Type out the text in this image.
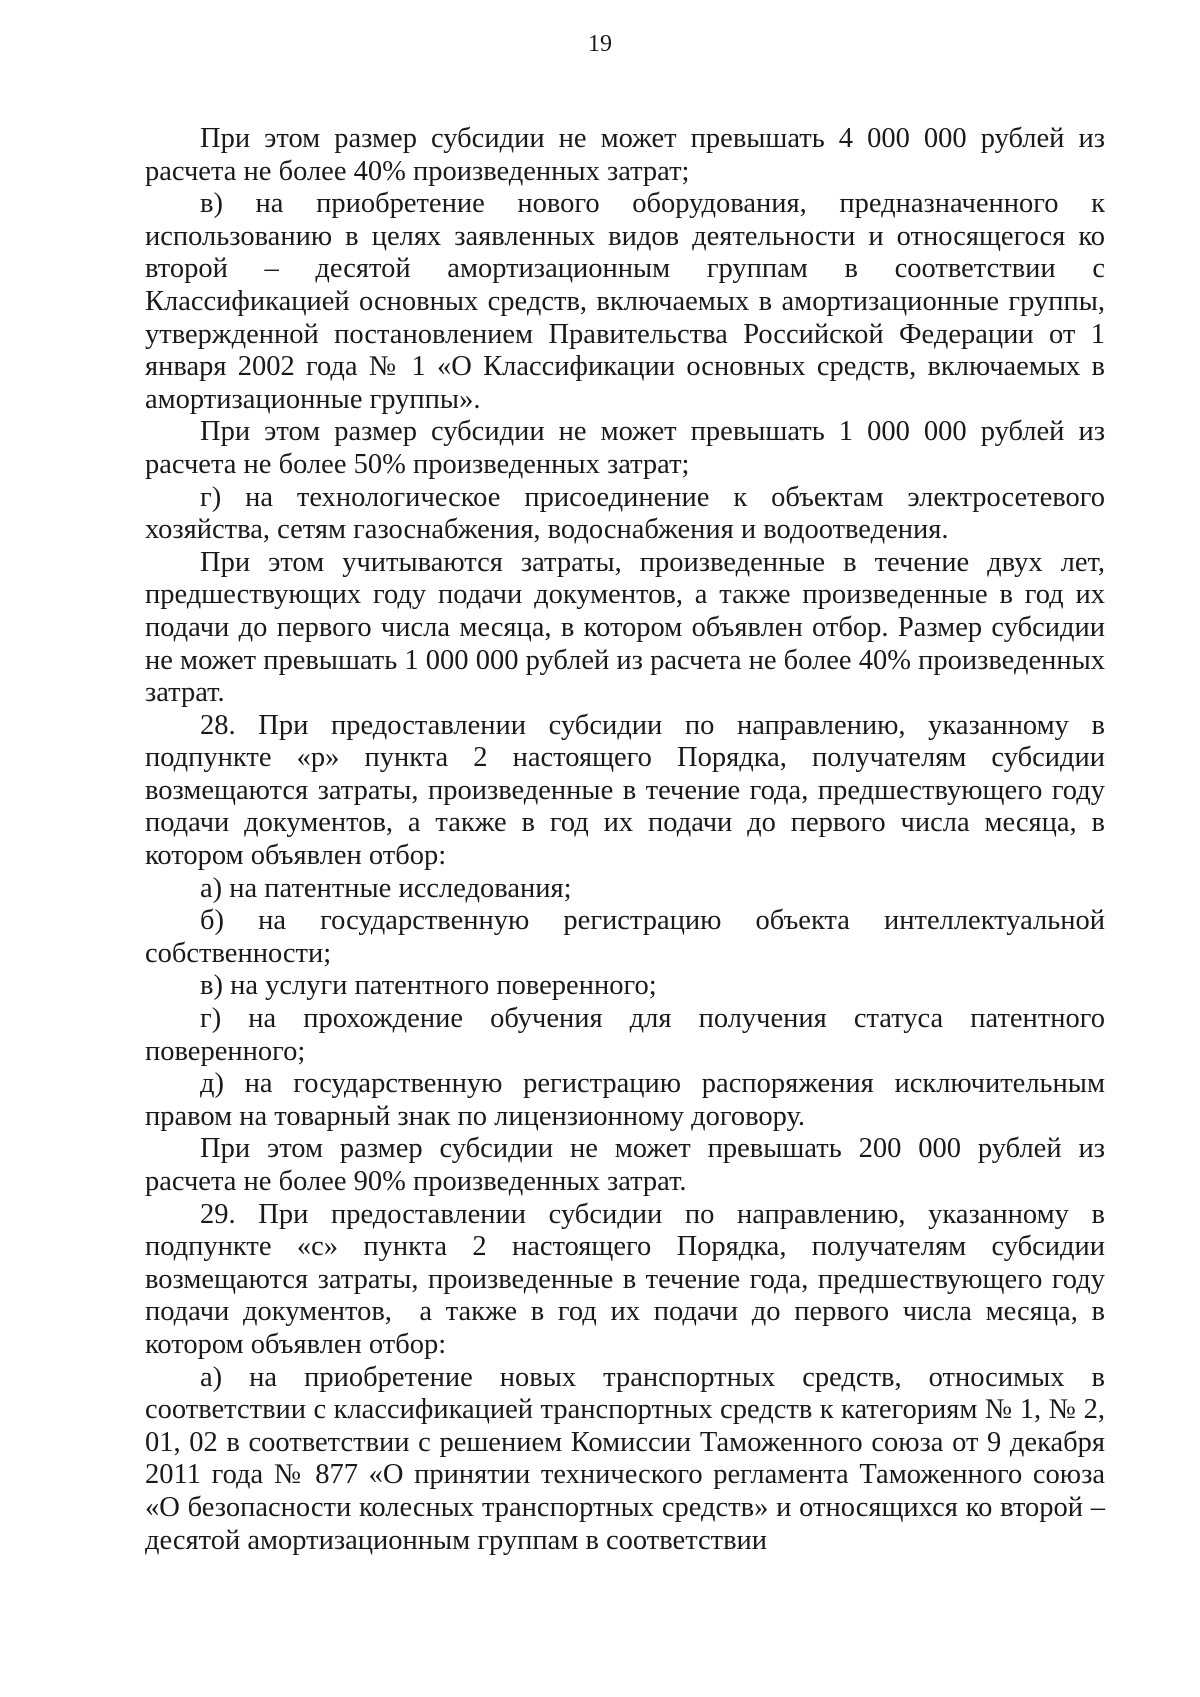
19

При этом размер субсидии не может превышать 4 000 000 рублей из расчета не более 40% произведенных затрат;

в) на приобретение нового оборудования, предназначенного к использованию в целях заявленных видов деятельности и относящегося ко второй – десятой амортизационным группам в соответствии с Классификацией основных средств, включаемых в амортизационные группы, утвержденной постановлением Правительства Российской Федерации от 1 января 2002 года № 1 «О Классификации основных средств, включаемых в амортизационные группы».

При этом размер субсидии не может превышать 1 000 000 рублей из расчета не более 50% произведенных затрат;

г) на технологическое присоединение к объектам электросетевого хозяйства, сетям газоснабжения, водоснабжения и водоотведения.

При этом учитываются затраты, произведенные в течение двух лет, предшествующих году подачи документов, а также произведенные в год их подачи до первого числа месяца, в котором объявлен отбор. Размер субсидии не может превышать 1 000 000 рублей из расчета не более 40% произведенных затрат.

28. При предоставлении субсидии по направлению, указанному в подпункте «р» пункта 2 настоящего Порядка, получателям субсидии возмещаются затраты, произведенные в течение года, предшествующего году подачи документов, а также в год их подачи до первого числа месяца, в котором объявлен отбор:

а) на патентные исследования;

б) на государственную регистрацию объекта интеллектуальной собственности;

в) на услуги патентного поверенного;

г) на прохождение обучения для получения статуса патентного поверенного;

д) на государственную регистрацию распоряжения исключительным правом на товарный знак по лицензионному договору.

При этом размер субсидии не может превышать 200 000 рублей из расчета не более 90% произведенных затрат.

29. При предоставлении субсидии по направлению, указанному в подпункте «с» пункта 2 настоящего Порядка, получателям субсидии возмещаются затраты, произведенные в течение года, предшествующего году подачи документов,  а также в год их подачи до первого числа месяца, в котором объявлен отбор:

а) на приобретение новых транспортных средств, относимых в соответствии с классификацией транспортных средств к категориям № 1, № 2, 01, 02 в соответствии с решением Комиссии Таможенного союза от 9 декабря 2011 года № 877 «О принятии технического регламента Таможенного союза «О безопасности колесных транспортных средств» и относящихся ко второй – десятой амортизационным группам в соответствии
